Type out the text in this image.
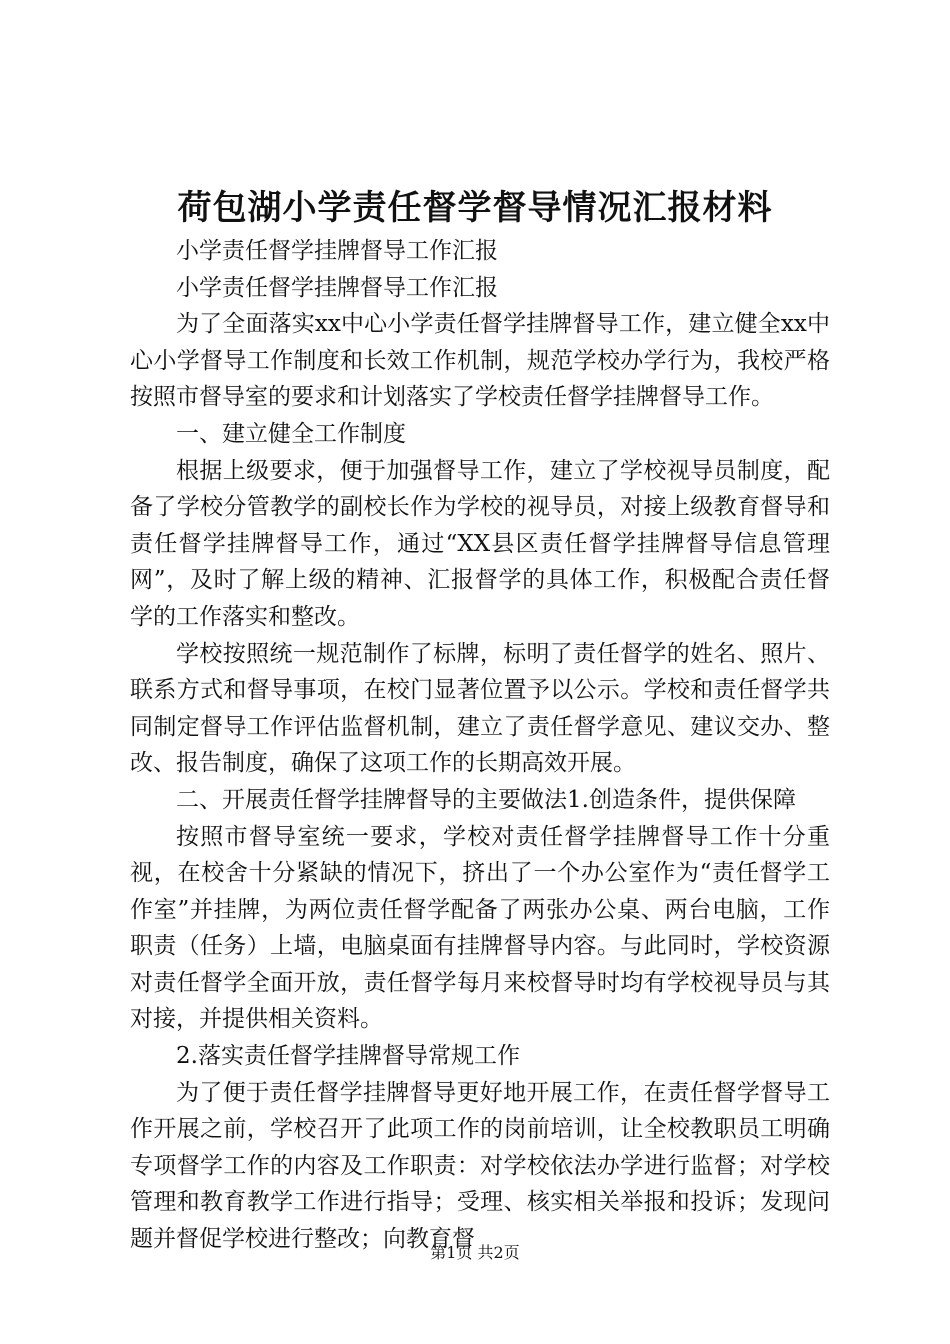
荷包湖小学责任督学督导情况汇报材料

小学责任督学挂牌督导工作汇报

小学责任督学挂牌督导工作汇报

为了全面落实xx中心小学责任督学挂牌督导工作，建立健全xx中心小学督导工作制度和长效工作机制，规范学校办学行为，我校严格按照市督导室的要求和计划落实了学校责任督学挂牌督导工作。

一、建立健全工作制度

根据上级要求，便于加强督导工作，建立了学校视导员制度，配备了学校分管教学的副校长作为学校的视导员，对接上级教育督导和责任督学挂牌督导工作，通过“XX县区责任督学挂牌督导信息管理网”，及时了解上级的精神、汇报督学的具体工作，积极配合责任督学的工作落实和整改。

学校按照统一规范制作了标牌，标明了责任督学的姓名、照片、联系方式和督导事项，在校门显著位置予以公示。学校和责任督学共同制定督导工作评估监督机制，建立了责任督学意见、建议交办、整改、报告制度，确保了这项工作的长期高效开展。

二、开展责任督学挂牌督导的主要做法1.创造条件，提供保障

按照市督导室统一要求，学校对责任督学挂牌督导工作十分重视，在校舍十分紧缺的情况下，挤出了一个办公室作为“责任督学工作室”并挂牌，为两位责任督学配备了两张办公桌、两台电脑，工作职责（任务）上墙，电脑桌面有挂牌督导内容。与此同时，学校资源对责任督学全面开放，责任督学每月来校督导时均有学校视导员与其对接，并提供相关资料。

2.落实责任督学挂牌督导常规工作

为了便于责任督学挂牌督导更好地开展工作，在责任督学督导工作开展之前，学校召开了此项工作的岗前培训，让全校教职员工明确专项督学工作的内容及工作职责：对学校依法办学进行监督；对学校管理和教育教学工作进行指导；受理、核实相关举报和投诉；发现问题并督促学校进行整改；向教育督

第1页 共2页
